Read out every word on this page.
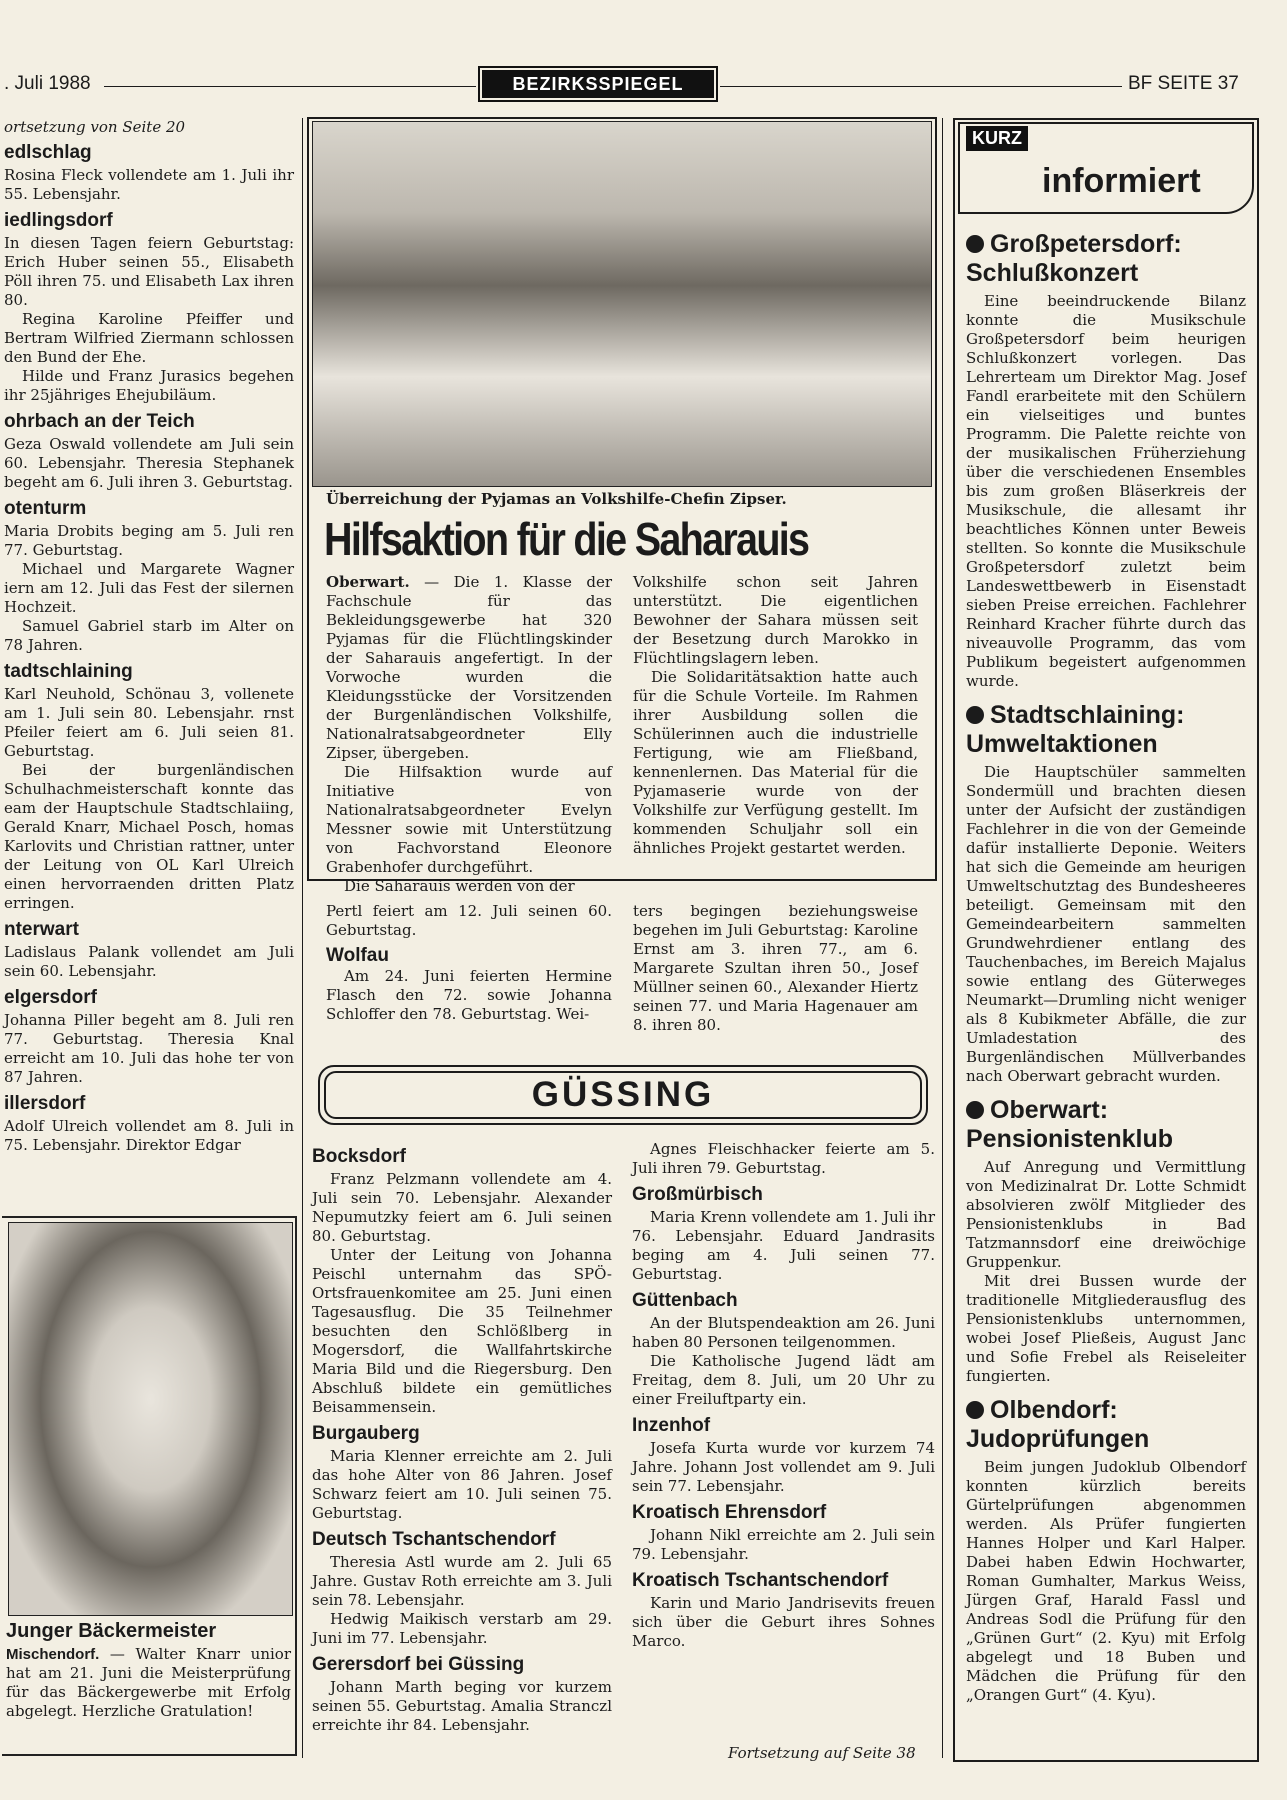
. Juli 1988	BEZIRKSSPIEGEL	BF SEITE 37
ortsetzung von Seite 20
edlschlag

Rosina Fleck vollendete am 1. Juli ihr 55. Lebensjahr.

iedlingsdorf

In diesen Tagen feiern Geburtstag: Erich Huber seinen 55., Elisabeth Pöll ihren 75. und Elisabeth Lax ihren 80.

Regina Karoline Pfeiffer und Bertram Wilfried Ziermann schlossen den Bund der Ehe.

Hilde und Franz Jurasics begehen ihr 25jähriges Ehejubiläum.

ohrbach an der Teich

Geza Oswald vollendete am Juli sein 60. Lebensjahr. Theresia Stephanek begeht am 6. Juli ihren 3. Geburtstag.

otenturm

Maria Drobits beging am 5. Juli ren 77. Geburtstag.

Michael und Margarete Wagner iern am 12. Juli das Fest der silernen Hochzeit.

Samuel Gabriel starb im Alter on 78 Jahren.

tadtschlaining

Karl Neuhold, Schönau 3, vollenete am 1. Juli sein 80. Lebensjahr. rnst Pfeiler feiert am 6. Juli seien 81. Geburtstag.

Bei der burgenländischen Schulhachmeisterschaft konnte das eam der Hauptschule Stadtschlaiing, Gerald Knarr, Michael Posch, homas Karlovits und Christian rattner, unter der Leitung von OL Karl Ulreich einen hervorraenden dritten Platz erringen.

nterwart

Ladislaus Palank vollendet am Juli sein 60. Lebensjahr.

elgersdorf

Johanna Piller begeht am 8. Juli ren 77. Geburtstag. Theresia Knal erreicht am 10. Juli das hohe ter von 87 Jahren.

illersdorf

Adolf Ulreich vollendet am 8. Juli in 75. Lebensjahr. Direktor Edgar

Junger Bäckermeister
Mischendorf. — Walter Knarr unior hat am 21. Juni die Meisterprüfung für das Bäckergewerbe mit Erfolg abgelegt. Herzliche Gratulation!
Überreichung der Pyjamas an Volkshilfe-Chefin Zipser.
Hilfsaktion für die Saharauis

Oberwart. — Die 1. Klasse der Fachschule für das Bekleidungsgewerbe hat 320 Pyjamas für die Flüchtlingskinder der Saharauis angefertigt. In der Vorwoche wurden die Kleidungsstücke der Vorsitzenden der Burgenländischen Volkshilfe, Nationalratsabgeordneter Elly Zipser, übergeben.

Die Hilfsaktion wurde auf Initiative von Nationalratsabgeordneter Evelyn Messner sowie mit Unterstützung von Fachvorstand Eleonore Grabenhofer durchgeführt.

Die Saharauis werden von der

Volkshilfe schon seit Jahren unterstützt. Die eigentlichen Bewohner der Sahara müssen seit der Besetzung durch Marokko in Flüchtlingslagern leben.

Die Solidaritätsaktion hatte auch für die Schule Vorteile. Im Rahmen ihrer Ausbildung sollen die Schülerinnen auch die industrielle Fertigung, wie am Fließband, kennenlernen. Das Material für die Pyjamaserie wurde von der Volkshilfe zur Verfügung gestellt. Im kommenden Schuljahr soll ein ähnliches Projekt gestartet werden.

Pertl feiert am 12. Juli seinen 60. Geburtstag.

Wolfau

Am 24. Juni feierten Hermine Flasch den 72. sowie Johanna Schloffer den 78. Geburtstag. Wei-

ters begingen beziehungsweise begehen im Juli Geburtstag: Karoline Ernst am 3. ihren 77., am 6. Margarete Szultan ihren 50., Josef Müllner seinen 60., Alexander Hiertz seinen 77. und Maria Hagenauer am 8. ihren 80.

GÜSSING
Bocksdorf

Franz Pelzmann vollendete am 4. Juli sein 70. Lebensjahr. Alexander Nepumutzky feiert am 6. Juli seinen 80. Geburtstag.

Unter der Leitung von Johanna Peischl unternahm das SPÖ-Ortsfrauenkomitee am 25. Juni einen Tagesausflug. Die 35 Teilnehmer besuchten den Schlößlberg in Mogersdorf, die Wallfahrtskirche Maria Bild und die Riegersburg. Den Abschluß bildete ein gemütliches Beisammensein.

Burgauberg

Maria Klenner erreichte am 2. Juli das hohe Alter von 86 Jahren. Josef Schwarz feiert am 10. Juli seinen 75. Geburtstag.

Deutsch Tschantschendorf

Theresia Astl wurde am 2. Juli 65 Jahre. Gustav Roth erreichte am 3. Juli sein 78. Lebensjahr.

Hedwig Maikisch verstarb am 29. Juni im 77. Lebensjahr.

Gerersdorf bei Güssing

Johann Marth beging vor kurzem seinen 55. Geburtstag. Amalia Stranczl erreichte ihr 84. Lebensjahr.

Agnes Fleischhacker feierte am 5. Juli ihren 79. Geburtstag.

Großmürbisch

Maria Krenn vollendete am 1. Juli ihr 76. Lebensjahr. Eduard Jandrasits beging am 4. Juli seinen 77. Geburtstag.

Güttenbach

An der Blutspendeaktion am 26. Juni haben 80 Personen teilgenommen.

Die Katholische Jugend lädt am Freitag, dem 8. Juli, um 20 Uhr zu einer Freiluftparty ein.

Inzenhof

Josefa Kurta wurde vor kurzem 74 Jahre. Johann Jost vollendet am 9. Juli sein 77. Lebensjahr.

Kroatisch Ehrensdorf

Johann Nikl erreichte am 2. Juli sein 79. Lebensjahr.

Kroatisch Tschantschendorf

Karin und Mario Jandrisevits freuen sich über die Geburt ihres Sohnes Marco.

Fortsetzung auf Seite 38
KURZ
informiert
Großpetersdorf:
Schlußkonzert

Eine beeindruckende Bilanz konnte die Musikschule Großpetersdorf beim heurigen Schlußkonzert vorlegen. Das Lehrerteam um Direktor Mag. Josef Fandl erarbeitete mit den Schülern ein vielseitiges und buntes Programm. Die Palette reichte von der musikalischen Früherziehung über die verschiedenen Ensembles bis zum großen Bläserkreis der Musikschule, die allesamt ihr beachtliches Können unter Beweis stellten. So konnte die Musikschule Großpetersdorf zuletzt beim Landeswettbewerb in Eisenstadt sieben Preise erreichen. Fachlehrer Reinhard Kracher führte durch das niveauvolle Programm, das vom Publikum begeistert aufgenommen wurde.

Stadtschlaining:
Umweltaktionen

Die Hauptschüler sammelten Sondermüll und brachten diesen unter der Aufsicht der zuständigen Fachlehrer in die von der Gemeinde dafür installierte Deponie. Weiters hat sich die Gemeinde am heurigen Umweltschutztag des Bundesheeres beteiligt. Gemeinsam mit den Gemeindearbeitern sammelten Grundwehrdiener entlang des Tauchenbaches, im Bereich Majalus sowie entlang des Güterweges Neumarkt—Drumling nicht weniger als 8 Kubikmeter Abfälle, die zur Umladestation des Burgenländischen Müllverbandes nach Oberwart gebracht wurden.

Oberwart:
Pensionistenklub

Auf Anregung und Vermittlung von Medizinalrat Dr. Lotte Schmidt absolvieren zwölf Mitglieder des Pensionistenklubs in Bad Tatzmannsdorf eine dreiwöchige Gruppenkur.

Mit drei Bussen wurde der traditionelle Mitgliederausflug des Pensionistenklubs unternommen, wobei Josef Pließeis, August Janc und Sofie Frebel als Reiseleiter fungierten.

Olbendorf:
Judoprüfungen

Beim jungen Judoklub Olbendorf konnten kürzlich bereits Gürtelprüfungen abgenommen werden. Als Prüfer fungierten Hannes Holper und Karl Halper. Dabei haben Edwin Hochwarter, Roman Gumhalter, Markus Weiss, Jürgen Graf, Harald Fassl und Andreas Sodl die Prüfung für den „Grünen Gurt“ (2. Kyu) mit Erfolg abgelegt und 18 Buben und Mädchen die Prüfung für den „Orangen Gurt“ (4. Kyu).
